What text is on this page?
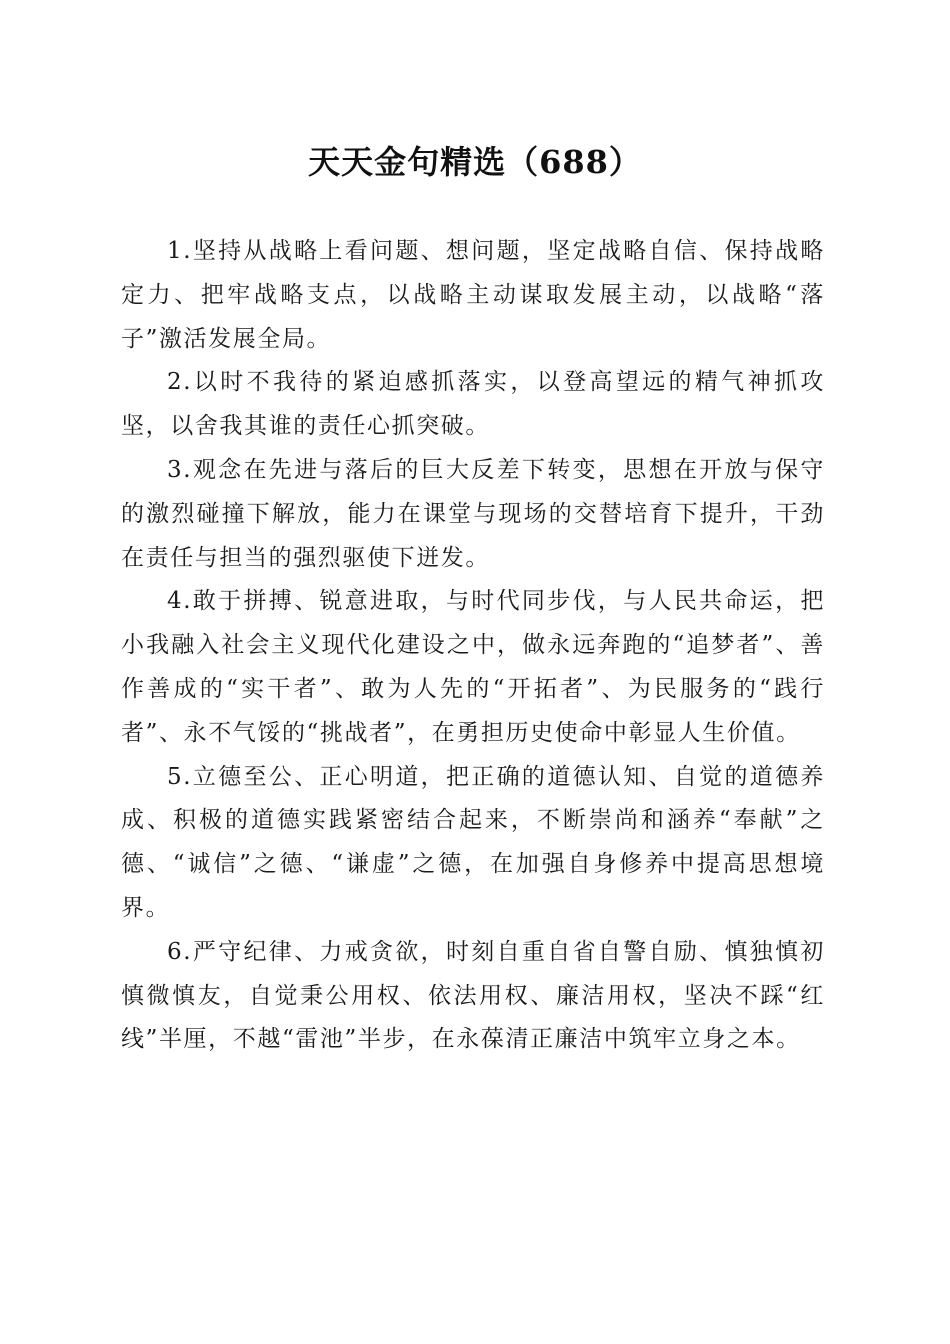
天天金句精选（688）

1.坚持从战略上看问题、想问题，坚定战略自信、保持战略定力、把牢战略支点，以战略主动谋取发展主动，以战略“落子”激活发展全局。

2.以时不我待的紧迫感抓落实，以登高望远的精气神抓攻坚，以舍我其谁的责任心抓突破。

3.观念在先进与落后的巨大反差下转变，思想在开放与保守的激烈碰撞下解放，能力在课堂与现场的交替培育下提升，干劲在责任与担当的强烈驱使下迸发。

4.敢于拼搏、锐意进取，与时代同步伐，与人民共命运，把小我融入社会主义现代化建设之中，做永远奔跑的“追梦者”、善作善成的“实干者”、敢为人先的“开拓者”、为民服务的“践行者”、永不气馁的“挑战者”，在勇担历史使命中彰显人生价值。

5.立德至公、正心明道，把正确的道德认知、自觉的道德养成、积极的道德实践紧密结合起来，不断崇尚和涵养“奉献”之德、“诚信”之德、“谦虚”之德，在加强自身修养中提高思想境界。

6.严守纪律、力戒贪欲，时刻自重自省自警自励、慎独慎初慎微慎友，自觉秉公用权、依法用权、廉洁用权，坚决不踩“红线”半厘，不越“雷池”半步，在永葆清正廉洁中筑牢立身之本。
